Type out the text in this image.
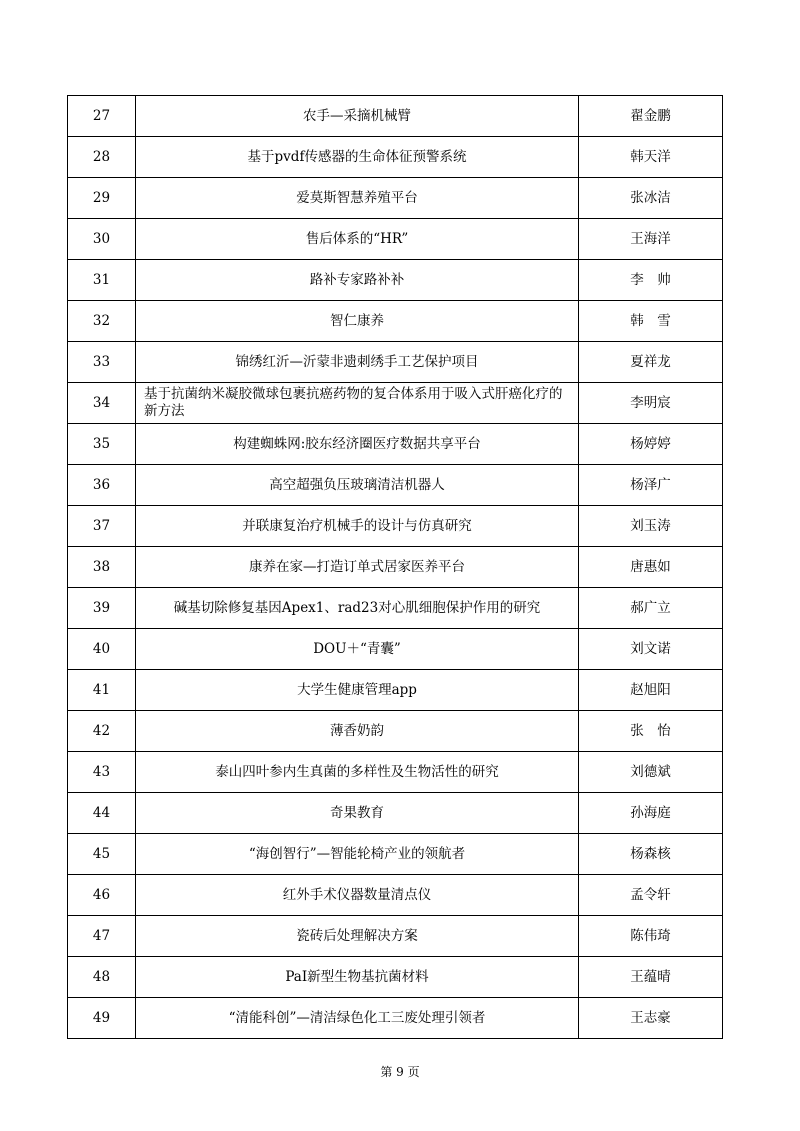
27	农手—采摘机械臂	翟金鹏
28	基于pvdf传感器的生命体征预警系统	韩天洋
29	爱莫斯智慧养殖平台	张冰洁
30	售后体系的“HR”	王海洋
31	路补专家路补补	李　帅
32	智仁康养	韩　雪
33	锦绣红沂—沂蒙非遗刺绣手工艺保护项目	夏祥龙
34	基于抗菌纳米凝胶微球包裹抗癌药物的复合体系用于吸入式肝癌化疗的新方法	李明宸
35	构建蜘蛛网:胶东经济圈医疗数据共享平台	杨婷婷
36	高空超强负压玻璃清洁机器人	杨泽广
37	并联康复治疗机械手的设计与仿真研究	刘玉涛
38	康养在家—打造订单式居家医养平台	唐惠如
39	碱基切除修复基因Apex1、rad23对心肌细胞保护作用的研究	郝广立
40	DOU＋“青囊”	刘文诺
41	大学生健康管理app	赵旭阳
42	薄香奶韵	张　怡
43	泰山四叶参内生真菌的多样性及生物活性的研究	刘德斌
44	奇果教育	孙海庭
45	“海创智行”—智能轮椅产业的领航者	杨森核
46	红外手术仪器数量清点仪	孟令轩
47	瓷砖后处理解决方案	陈伟琦
48	PaI新型生物基抗菌材料	王蕴晴
49	“清能科创”—清洁绿色化工三废处理引领者	王志豪
第 9 页
